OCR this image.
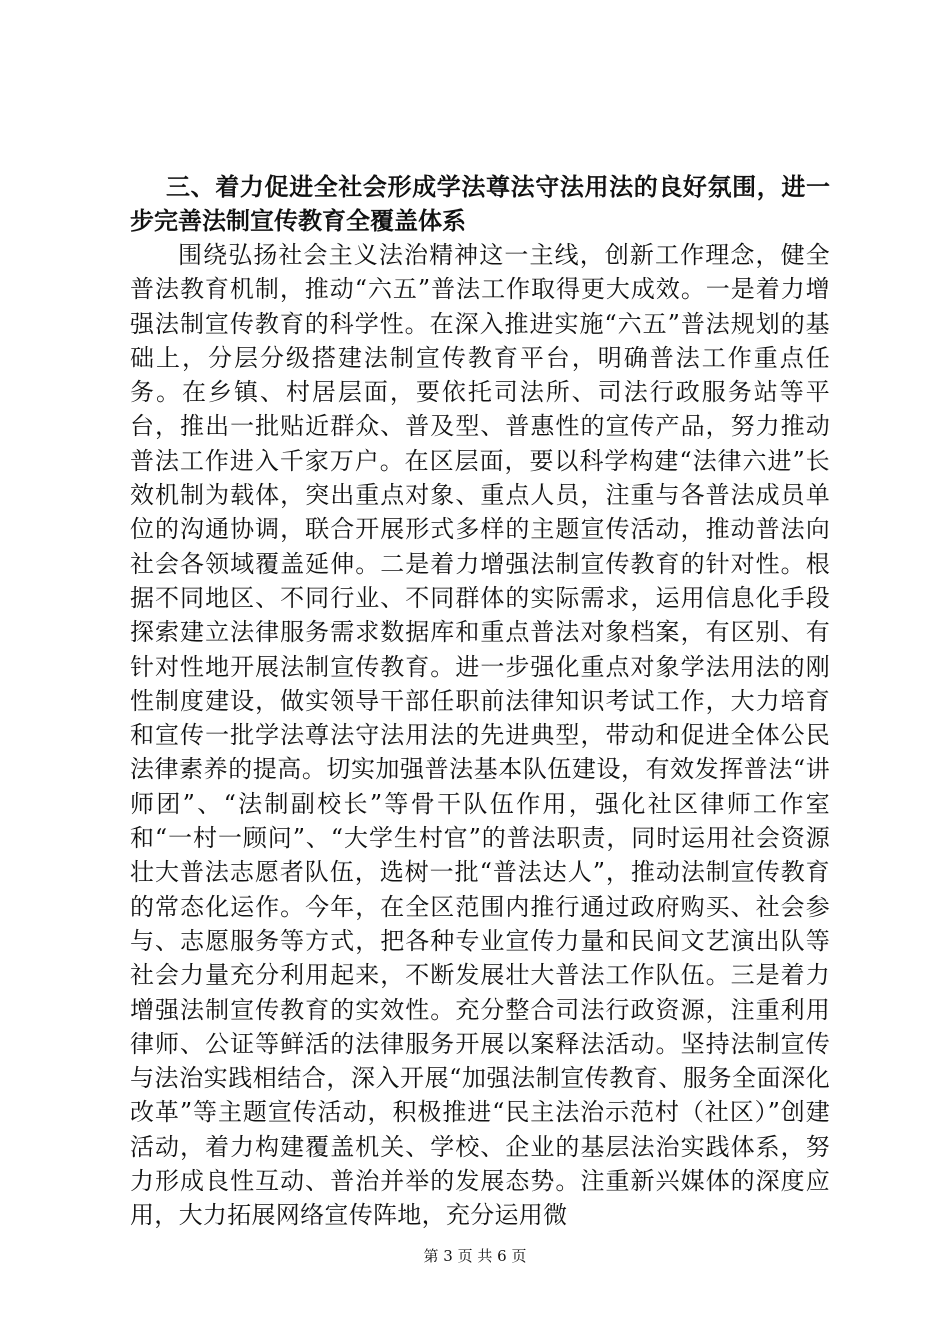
三、着力促进全社会形成学法尊法守法用法的良好氛围，进一步完善法制宣传教育全覆盖体系

围绕弘扬社会主义法治精神这一主线，创新工作理念，健全普法教育机制，推动“六五”普法工作取得更大成效。一是着力增强法制宣传教育的科学性。在深入推进实施“六五”普法规划的基础上，分层分级搭建法制宣传教育平台，明确普法工作重点任务。在乡镇、村居层面，要依托司法所、司法行政服务站等平台，推出一批贴近群众、普及型、普惠性的宣传产品，努力推动普法工作进入千家万户。在区层面，要以科学构建“法律六进”长效机制为载体，突出重点对象、重点人员，注重与各普法成员单位的沟通协调，联合开展形式多样的主题宣传活动，推动普法向社会各领域覆盖延伸。二是着力增强法制宣传教育的针对性。根据不同地区、不同行业、不同群体的实际需求，运用信息化手段探索建立法律服务需求数据库和重点普法对象档案，有区别、有针对性地开展法制宣传教育。进一步强化重点对象学法用法的刚性制度建设，做实领导干部任职前法律知识考试工作，大力培育和宣传一批学法尊法守法用法的先进典型，带动和促进全体公民法律素养的提高。切实加强普法基本队伍建设，有效发挥普法“讲师团”、“法制副校长”等骨干队伍作用，强化社区律师工作室和“一村一顾问”、“大学生村官”的普法职责，同时运用社会资源壮大普法志愿者队伍，选树一批“普法达人”，推动法制宣传教育的常态化运作。今年，在全区范围内推行通过政府购买、社会参与、志愿服务等方式，把各种专业宣传力量和民间文艺演出队等社会力量充分利用起来，不断发展壮大普法工作队伍。三是着力增强法制宣传教育的实效性。充分整合司法行政资源，注重利用律师、公证等鲜活的法律服务开展以案释法活动。坚持法制宣传与法治实践相结合，深入开展“加强法制宣传教育、服务全面深化改革”等主题宣传活动，积极推进“民主法治示范村（社区）”创建活动，着力构建覆盖机关、学校、企业的基层法治实践体系，努力形成良性互动、普治并举的发展态势。注重新兴媒体的深度应用，大力拓展网络宣传阵地，充分运用微

第 3 页 共 6 页
